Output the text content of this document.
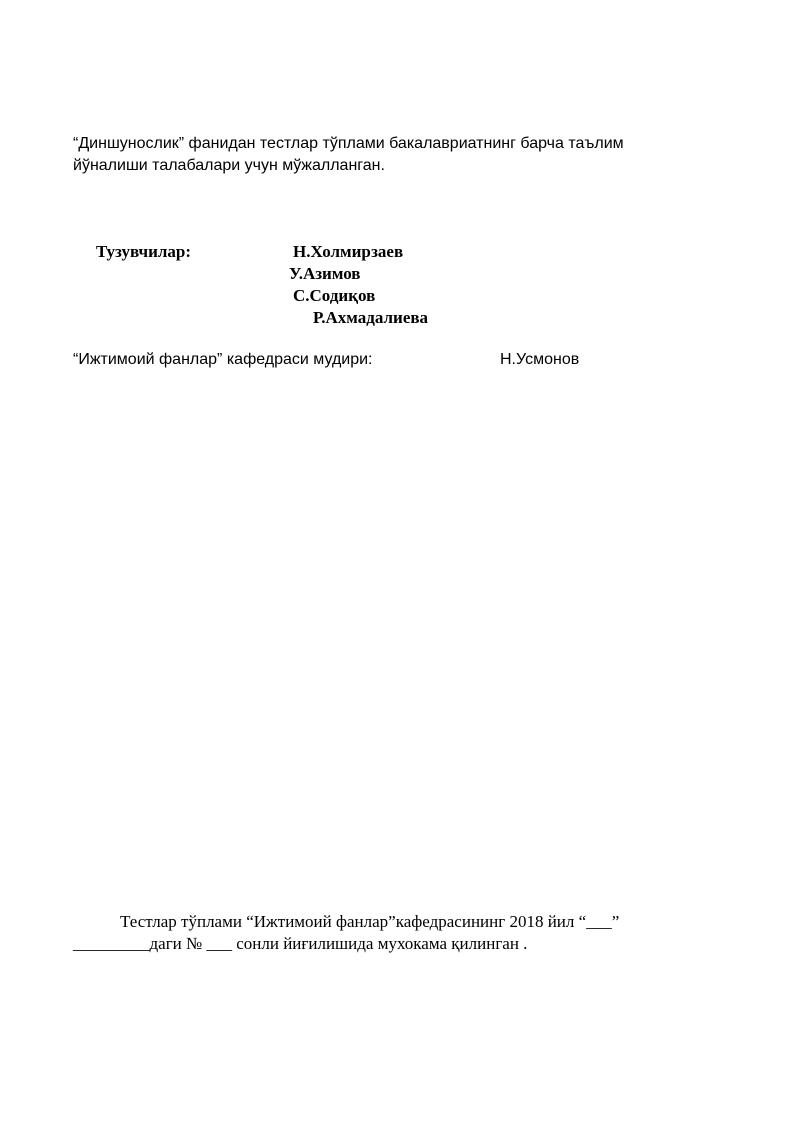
“Диншунослик” фанидан тестлар тўплами бакалавриатнинг барча таълим
йўналиши талабалари учун мўжалланган.
Тузувчилар:	Н.Холмирзаев
У.Азимов
С.Содиқов
Р.Ахмадалиева
“Ижтимоий фанлар” кафедраси мудири:	Н.Усмонов
Тестлар тўплами “Ижтимоий фанлар”кафедрасининг 2018 йил “___”
_________даги № ___ сонли йиғилишида мухокама қилинган .
